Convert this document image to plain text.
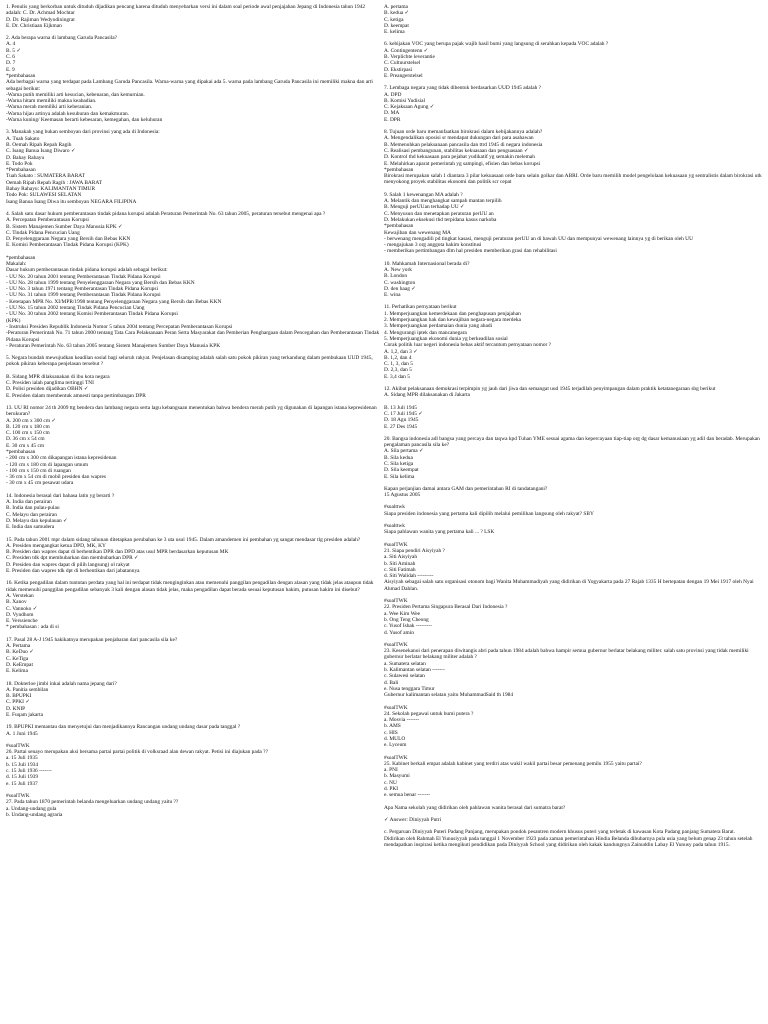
1. Penulis yang berkorban untuk dituduh dijadikan pencang karena dituduh menyebarkan versi ini dalam soal periode awal penjajahan Jepang di Indonesia tahun 1942 adalah: C. Dr. Achmad Mochtar
D. Dr. Rajiman Wedyodiningrat
E. Dr. Christiaan Eijkman
2. Ada berapa warna di lambang Garuda Pancasila?
A. 4
B. 5 ✓
C. 6
D. 7
E. 9
*pembahasan
Ada berbagai warna yang terdapat pada Lambang Garuda Pancasila. Warna-warna yang dipakai ada 5. warna pada lambang Garuda Pancasila ini memiliki makna dan arti sebagai berikut:
-Warna putih memiliki arti kesucian, kebenaran, dan kemurnian.
-Warna hitam memiliki makna keabadian.
-Warna merah memiliki arti keberanian.
-Warna hijau artinya adalah kesuburan dan kemakmuran.
-Warna kuning/ Keemasan berarti kebesaran, kemegahan, dan keluhuran
3. Manakah yang bukan semboyan dari provinsi yang ada di Indonesia:
A. Tuah Sakato
B. Oemah Ripah Repah Ragih
C. Isang Banua Isang Diwaro ✓
D. Bahay Rahayu
E. Todo Pok
*Pembahasan
Tuah Sakato : SUMATERA BARAT
Oemah Ripah Repah Ragih : JAWA BARAT
Bahay Rahayu: KALIMANTAN TIMUR
Todo Pok: SULAWESI SELATAN
Isang Banua Isang Diwa itu semboyan NEGARA FILIPINA
4. Salah satu dasar hukum pemberantasan tindak pidana korupsi adalah Peraturan Pemerintah No. 63 tahun 2005, peraturan tersebut mengenai apa ?
A. Percepatan Pemberantasan Korupsi
B. Sistem Manajemen Sumber Daya Manusia KPK ✓
C. Tindak Pidana Pencucian Uang
D. Penyelenggaraan Negara yang Bersih dan Bebas KKN
E. Komisi Pemberantasan Tindak Pidana Korupsi (KPK)
*pembahasan
Makalah:
Dasar hukum pemberantasan tindak pidana korupsi adalah sebagai berikut:
- UU No. 20 tahun 2001 tentang Pemberantasan Tindak Pidana Korupsi
- UU No. 28 tahun 1999 tentang Penyelenggaraan Negara yang Bersih dan Bebas KKN
- UU No. 3 tahun 1971 tentang Pemberantasan Tindak Pidana Korupsi
- UU No. 31 tahun 1999 tentang Pemberantasan Tindak Pidana Korupsi
- Ketetapan MPR No. XI/MPR/1998 tentang Penyelenggaraan Negara yang Bersih dan Bebas KKN
- UU No. 15 tahun 2002 tentang Tindak Pidana Pencucian Uang
- UU No. 30 tahun 2002 tentang Komisi Pemberantasan Tindak Pidana Korupsi
(KPK)
- Instruksi Presiden Republik Indonesia Nomor 5 tahun 2004 tentang Percepatan Pemberantasan Korupsi
-Peraturan Pemerintah No. 71 tahun 2000 tentang Tata Cara Pelaksanaan Peran Serta Masyarakat dan Pemberian Penghargaan dalam Pencegahan dan Pemberantasan Tindak Pidana Korupsi
- Peraturan Pemerintah No. 63 tahun 2005 tentang Sistem Manajemen Sumber Daya Manusia KPK
5. Negara bundah mewujudkan keadilan sosial bagi seluruh rakyat. Penjelasan disamping adalah salah satu pokok pikiran yang terkandung dalam pembukaan UUD 1945, pokok pikiran keberapa penjelasan tersebut ?
B. Sidang MPR dilaksanakan di ibu kota negara
C. Presiden ialah panglima tertinggi TNI
D. Polisi presiden dijadikan OBHN ✓
E. Presiden dalam membentuk amnesti tanpa pertimbangan DPR
13. UU RI nomor 24 th 2009 ttg bendera dan lambang negara serta lagu kebangsaan menentukan bahwa bendera merah putih yg digunakan di lapangan istana kepresidenan berukuran?
A. 200 cm x 300 cm ✓
B. 120 cm x 180 cm
C. 100 cm x 150 cm
D. 36 cm x 54 cm
E. 30 cm x 45 cm
*pembahasan
- 200 cm x 300 cm dikapangan istana kepresidenan
- 120 cm x 180 cm di lapangan umum
- 100 cm x 150 cm di ruangan
- 36 cm x 54 cm di mobil presiden dan wapres
- 30 cm x 45 cm pesawat udara
14. Indonesia berasal dari bahasa latin yg berarti ?
A. India dan perairan
B. India dan pulau-pulau
C. Melayu dan perairan
D. Melayu dan kepulauan ✓
E. India dan samudera
15. Pada tahun 2001 mpr dalam sidang tahunan ditetapkan perubahan ke 3 uta usul 1945. Dalam amandemen ini pembahan yg sangat mendasar tlg presiden adalah?
A. Presiden mengangkat ketua DPD, MK, KY
B. Presiden dan wapres dapat di berhentikan DPR dan DPD atas usul MPR berdasarkan keputusan MK
C. Presiden tdk dpt membubarkan dan membubarkan DPR ✓
D. Presiden dan wapres dapat di pilih langsung) ol rakyat
E. Presiden dan wapres tdk dpt di berhentikan dari jabatannya
16. Ketika pengadilan dalam tuntutan perdata yang hal ini terdapat tidak menginginkan atau memenuhi panggilan pengadilan dengan alasan yang tidak jelas ataupun tidak tidak memenuhi panggilan pengadilan sebanyak 3 kali dengan alasan tidak jelas, maka pengadilan dapat berada sesuai keputusan hakim, putusan hakim ini disebut?
A. Verstekan
B. Xanov
C. Vannoko ✓
D. Vyndhom
E. Verssienche
* pembahasan : ada di si
17. Pasal 28 A-J 1945 hakikatnya merupakan penjabaran dari pancasila sila ke?
A. Pertama
B. KeDuo ✓
C. KeTiga
D. KeEmpat
E. Kelima
18. Dokterloe jimbi inkai adalah nama jepang dari?
A. Panitia sembilan
B. BPUPKI
C. PPKI ✓
D. KNIP
E. Fuqam jakarta
19. BPUPKI memantau dan menyetujui dan menjadikannya Rancangan undang undang dasar pada tanggal ?
A. 1 Juni 1945
#soalTWK
26. Partai senayo merupakan aksi bersama partai partai politik di volksraad alan dewan rakyat. Petisi ini diajukan pada ??
a. 15 Juli 1935
b. 15 Juli 1934
c. 15 Juli 1936 -------
d. 15 Juli 1939
e. 15 Juli 1937
#soalTWK
27. Pada tahun 1870 pemerintah belanda mengeluarkan undang undang yaitu ??
a. Undang-undang gula
b. Undang-undang agraria
A. pertama
B. kedua ✓
C. ketiga
D. keempat
E. kelima
6. kebijakan VOC yang berupa pajak wajib hasil bumi yang langsung di serahkan kepada VOC adalah ?
A. Contingentenn ✓
B. Verplichte leverantie
C. Cultuurstelsel
D. Ekstirpasi
E. Preangerstelsel
7. Lembaga negara yang tidak dibentuk berdasarkan UUD 1945 adalah ?
A. DPD
B. Komisi Yudisial
C. Kejaksaan Agung ✓
D. MA
E. DPR
8. Tujuan orde baru memanfaatkan birokrasi dalam kebijakannya adalah?
A. Mengendalikan oposisi sr mendapat dukungan dari para asahawan
B. Memenuhkan pelaksanaan pancasila dan ttrd 1945 di negara indonesia
C. Realisasi pembangunan, stabilitas kekuasaan dan penguasaan ✓
D. Kontrol thd kekuasaan para pejabat yudikatif yg semakin melemah
E. Melahirkan aparat pemerintah yg sampingi, efisien dan bebas korupsi
*pembahasan
Birokrasi merupakan salah 1 diantara 3 pilar kekuasaan orde baru selain golkar dan ABRI. Orde baru memilih model pengelolaan kekuasaan yg sentralistis dalam birokrasi utk menyokong proyek stabilitas ekonomi dan politik scr cepat
9. Salah 1 kewenangan MA adalah ?
A. Melantik dan menghangkat sampah mantan terpilih
B. Menguji perUUan terhadap UU ✓
C. Menyusun dan menetapkan peraturan perUU an
D. Melakukan eksekusi thd terpidana kasus narkoba
*pembahasan
Kewajiban dan wewenang MA
- berwenang mengadili pd tingkat kasasi, menguji peraturan perUU an di bawah UU dan mempunyai wewenang lainnya yg di berikan oleh UU
- mengajukan 3 org anggota hakim konstitusi
- memberikan pertimbangan dlm hal presiden memberikan grasi dan rehabilitasi
10. Mahkamah Internasional berada di?
A. New york
B. London
C. washington
D. den haag ✓
E. wina
11. Perhatikan pernyataan berikut
1. Memperjuangkan kemerdekaan dan penghapusan penjajahan
2. Memperjuangkan hak dan kewajiban negara-negara merdeka
3. Memperjuangkan perdamaian dunia yang abadi
4. Mengurangi iptek dan mancanegara
5. Memperjuangkan ekonomi dunia yg berkeadilan sosial
Corak politik luar negeri indonesia bebas aktif tercantum pernyataan nomor ?
A. 1,2, dan 3 ✓
B. 1,2, dan 4
C. 1, 3, dan 5
D. 2,3, dan 5
E. 3,4 dan 5
12. Akibat pelaksanaan demokrasi terpimpin yg jauh dari jiwa dan semangat uud 1945 terjadilah penyimpangan dalam praktik ketatanegaraan sbg berikut
A. Sidang MPR dilaksanakan di Jakarta
B. 13 Juli 1945
C. 17 Juli 1945 ✓
D. 18 Agu 1945
E. 27 Des 1945
20. Bangsa indonesia adl bangsa yang percaya dan taqwa kpd Tuhan YME sesuai agama dan kepercayaan tiap-tiap org dg dasar kemanusiaan yg adil dan beradab. Merupakan pengalaman pancasila sila ke?
A. Sila pertama ✓
B. Sila kedua
C. Sila ketiga
D. Sila keempat
E. Sila kelima
Kapan perjanjian damai antara GAM dan pemerintahan RI di tandatangani?
15 Agustus 2005
#soalttwk
Siapa presiden indonesia yang pertama kali dipilih melalui pemilihan langsung oleh rakyat? SBY
#soalttwk
Siapa pahlawan wanita yang pertama kali ... ? LSK
#soalTWK
21. Siapa pendiri Aisyiyah ?
a. Siti Aisyiyah
b. Siti Aminah
c. Siti Fatimah
d. Siti Walidah ---------
Aisyiyah sebagai salah satu organisasi otonom bagi Wanita Muhammadiyah yang didirikan di Yogyakarta pada 27 Rajab 1335 H bertepatan dengan 19 Mei 1917 oleh Nyai Ahmad Dahlan.
#soalTWK
22. Presiden Pertama Singapura Berasal Dari Indonesia ?
a. Wee Kim Wee
b. Ong Teng Cheong
c. Yusof Ishak ---------
d. Yusof amin
#soalTWK
23. Kesenekanoi dari penerapan diwitangis abri pada tahun 1984 adalah bahwa hampir semua gubernur berlatar belakang militer. salah satu provinsi yang tidak memiliki gubernur berlatar belakang militer adalah ?
a. Sumatera selatan
b. Kalimantan selatan -------
c. Sulawesi selatan
d. Bali
e. Nusa tenggara Timur
Gubernur kalimantan selatan yaitu MuhammadSaid th 1984
#soalTWK
24. Sekolah pegawai untuk bumi putera ?
a. Mosvia -------
b. AMS
c. HIS
d. MULO
e. Lyceum
#soalTWK
25. Kabinet berkali empat adalah kabinet yang terdiri atas wakil wakil partai besar pemenang pemilu 1955 yaitu partai?
a. PNI
b. Masyumi
c. NU
d. PKI
e. semua benar -------
Apa Nama sekolah yang didirikan oleh pahlawan wanita berasal dari sumatra barat?
✓ Answer: Diniyyah Putri
c. Pergaruan Diniyyah Puteri Padang Panjang, merupakan pondok pesantren modern khusus puteri yang terletak di kawasan Kota Padang panjang Sumatera Barat.
Didirikan oleh Rahmah El Yunusiyyah pada tanggal 1 November 1923 pada zaman pemerintahan Hindia Belanda dibubarnya pula usia yang belum genap 23 tahun setelah mendapatkan inspirasi ketika mengikuti pendidikan pada Diniyyah School yang didirikan oleh kakak kandungnya Zainuddin Labay El Yunusy pada tahun 1915.
